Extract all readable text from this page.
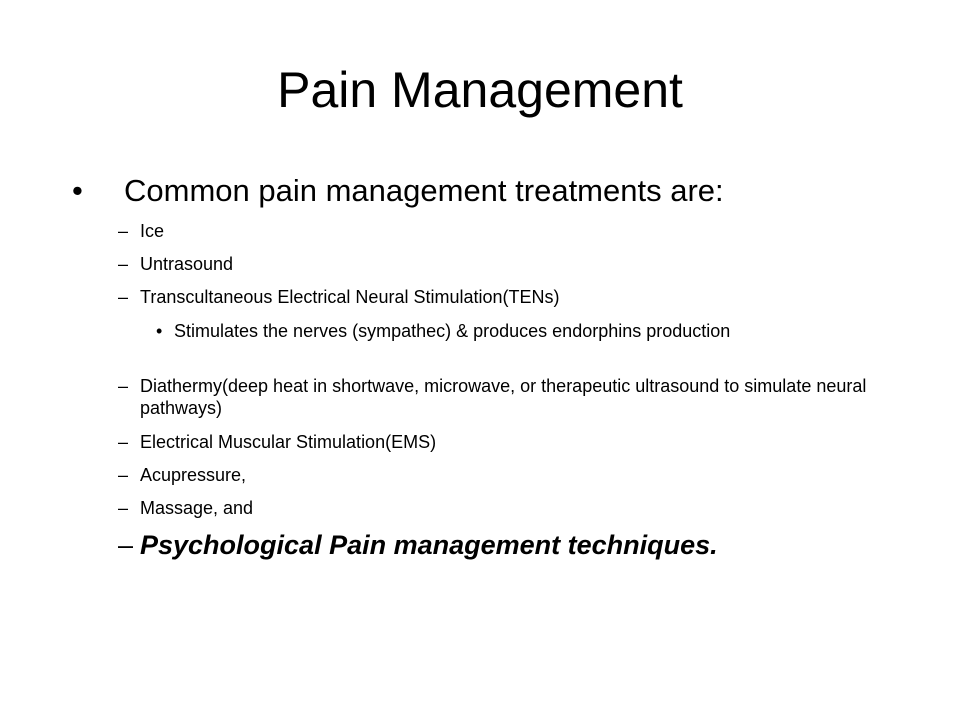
Pain Management
• Common pain management treatments are:
– Ice
– Untrasound
– Transcultaneous Electrical Neural Stimulation(TENs)
• Stimulates the nerves (sympathec) & produces endorphins production
– Diathermy(deep heat in shortwave, microwave, or therapeutic ultrasound to simulate neural pathways)
– Electrical Muscular Stimulation(EMS)
– Acupressure,
– Massage, and
– Psychological Pain management techniques.
